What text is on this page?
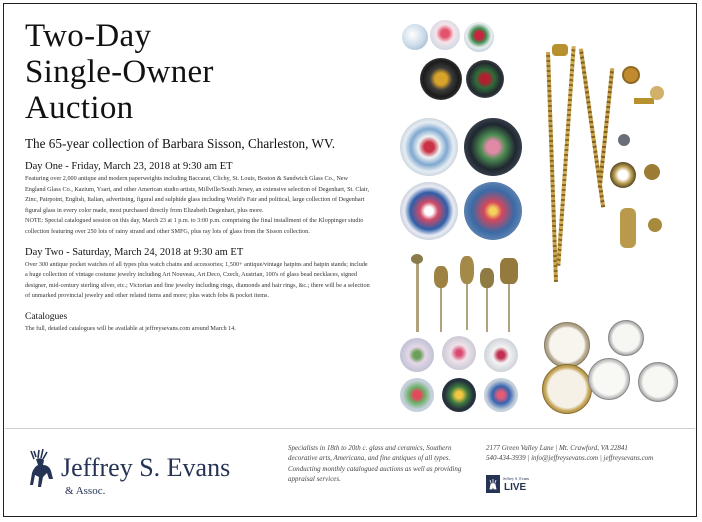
Two-Day
Single-Owner
Auction
The 65-year collection of Barbara Sisson, Charleston, WV.
Day One - Friday, March 23, 2018 at 9:30 am ET

Featuring over 2,000 antique and modern paperweights including Baccarat, Clichy, St. Louis, Boston & Sandwich Glass Co., New England Glass Co., Kazium, Ysart, and other American studio artists, Millville/South Jersey, an extensive selection of Degenhart, St. Clair, Zinc, Pairpoint, English, Italian, advertising, figural and sulphide glass including World's Fair and political, large collection of Degenhart figural glass in every color made, most purchased directly from Elizabeth Degenhart, plus more.

NOTE: Special catalogued session on this day, March 23 at 1 p.m. to 3:00 p.m. comprising the final installment of the Kloppinger studio collection featuring over 250 lots of rainy strand and other SMFG, plus ray lots of glass from the Sisson collection.

Day Two - Saturday, March 24, 2018 at 9:30 am ET

Over 300 antique pocket watches of all types plus watch chains and accessories; 1,500+ antique/vintage hatpins and hatpin stands; include a huge collection of vintage costume jewelry including Art Nouveau, Art Deco, Czech, Austrian, 100's of glass bead necklaces, signed designer, mid-century sterling silver, etc.; Victorian and fine jewelry including rings, diamonds and hair rings, &c.; there will be a selection of unmarked provincial jewelry and other related items and more; plus watch fobs & pocket items.

Catalogues

The full, detailed catalogues will be available at jeffreysevans.com around March 14.

Jeffrey S. Evans
& Assoc.
Specialists in 18th to 20th c. glass and ceramics, Southern decorative arts, Americana, and fine antiques of all types. Conducting monthly catalogued auctions as well as providing appraisal services.
2177 Green Valley Lane | Mt. Crawford, VA 22841
540-434-3939 | info@jeffreysevans.com | jeffreysevans.com
Jeffrey S. Evans
LIVE
